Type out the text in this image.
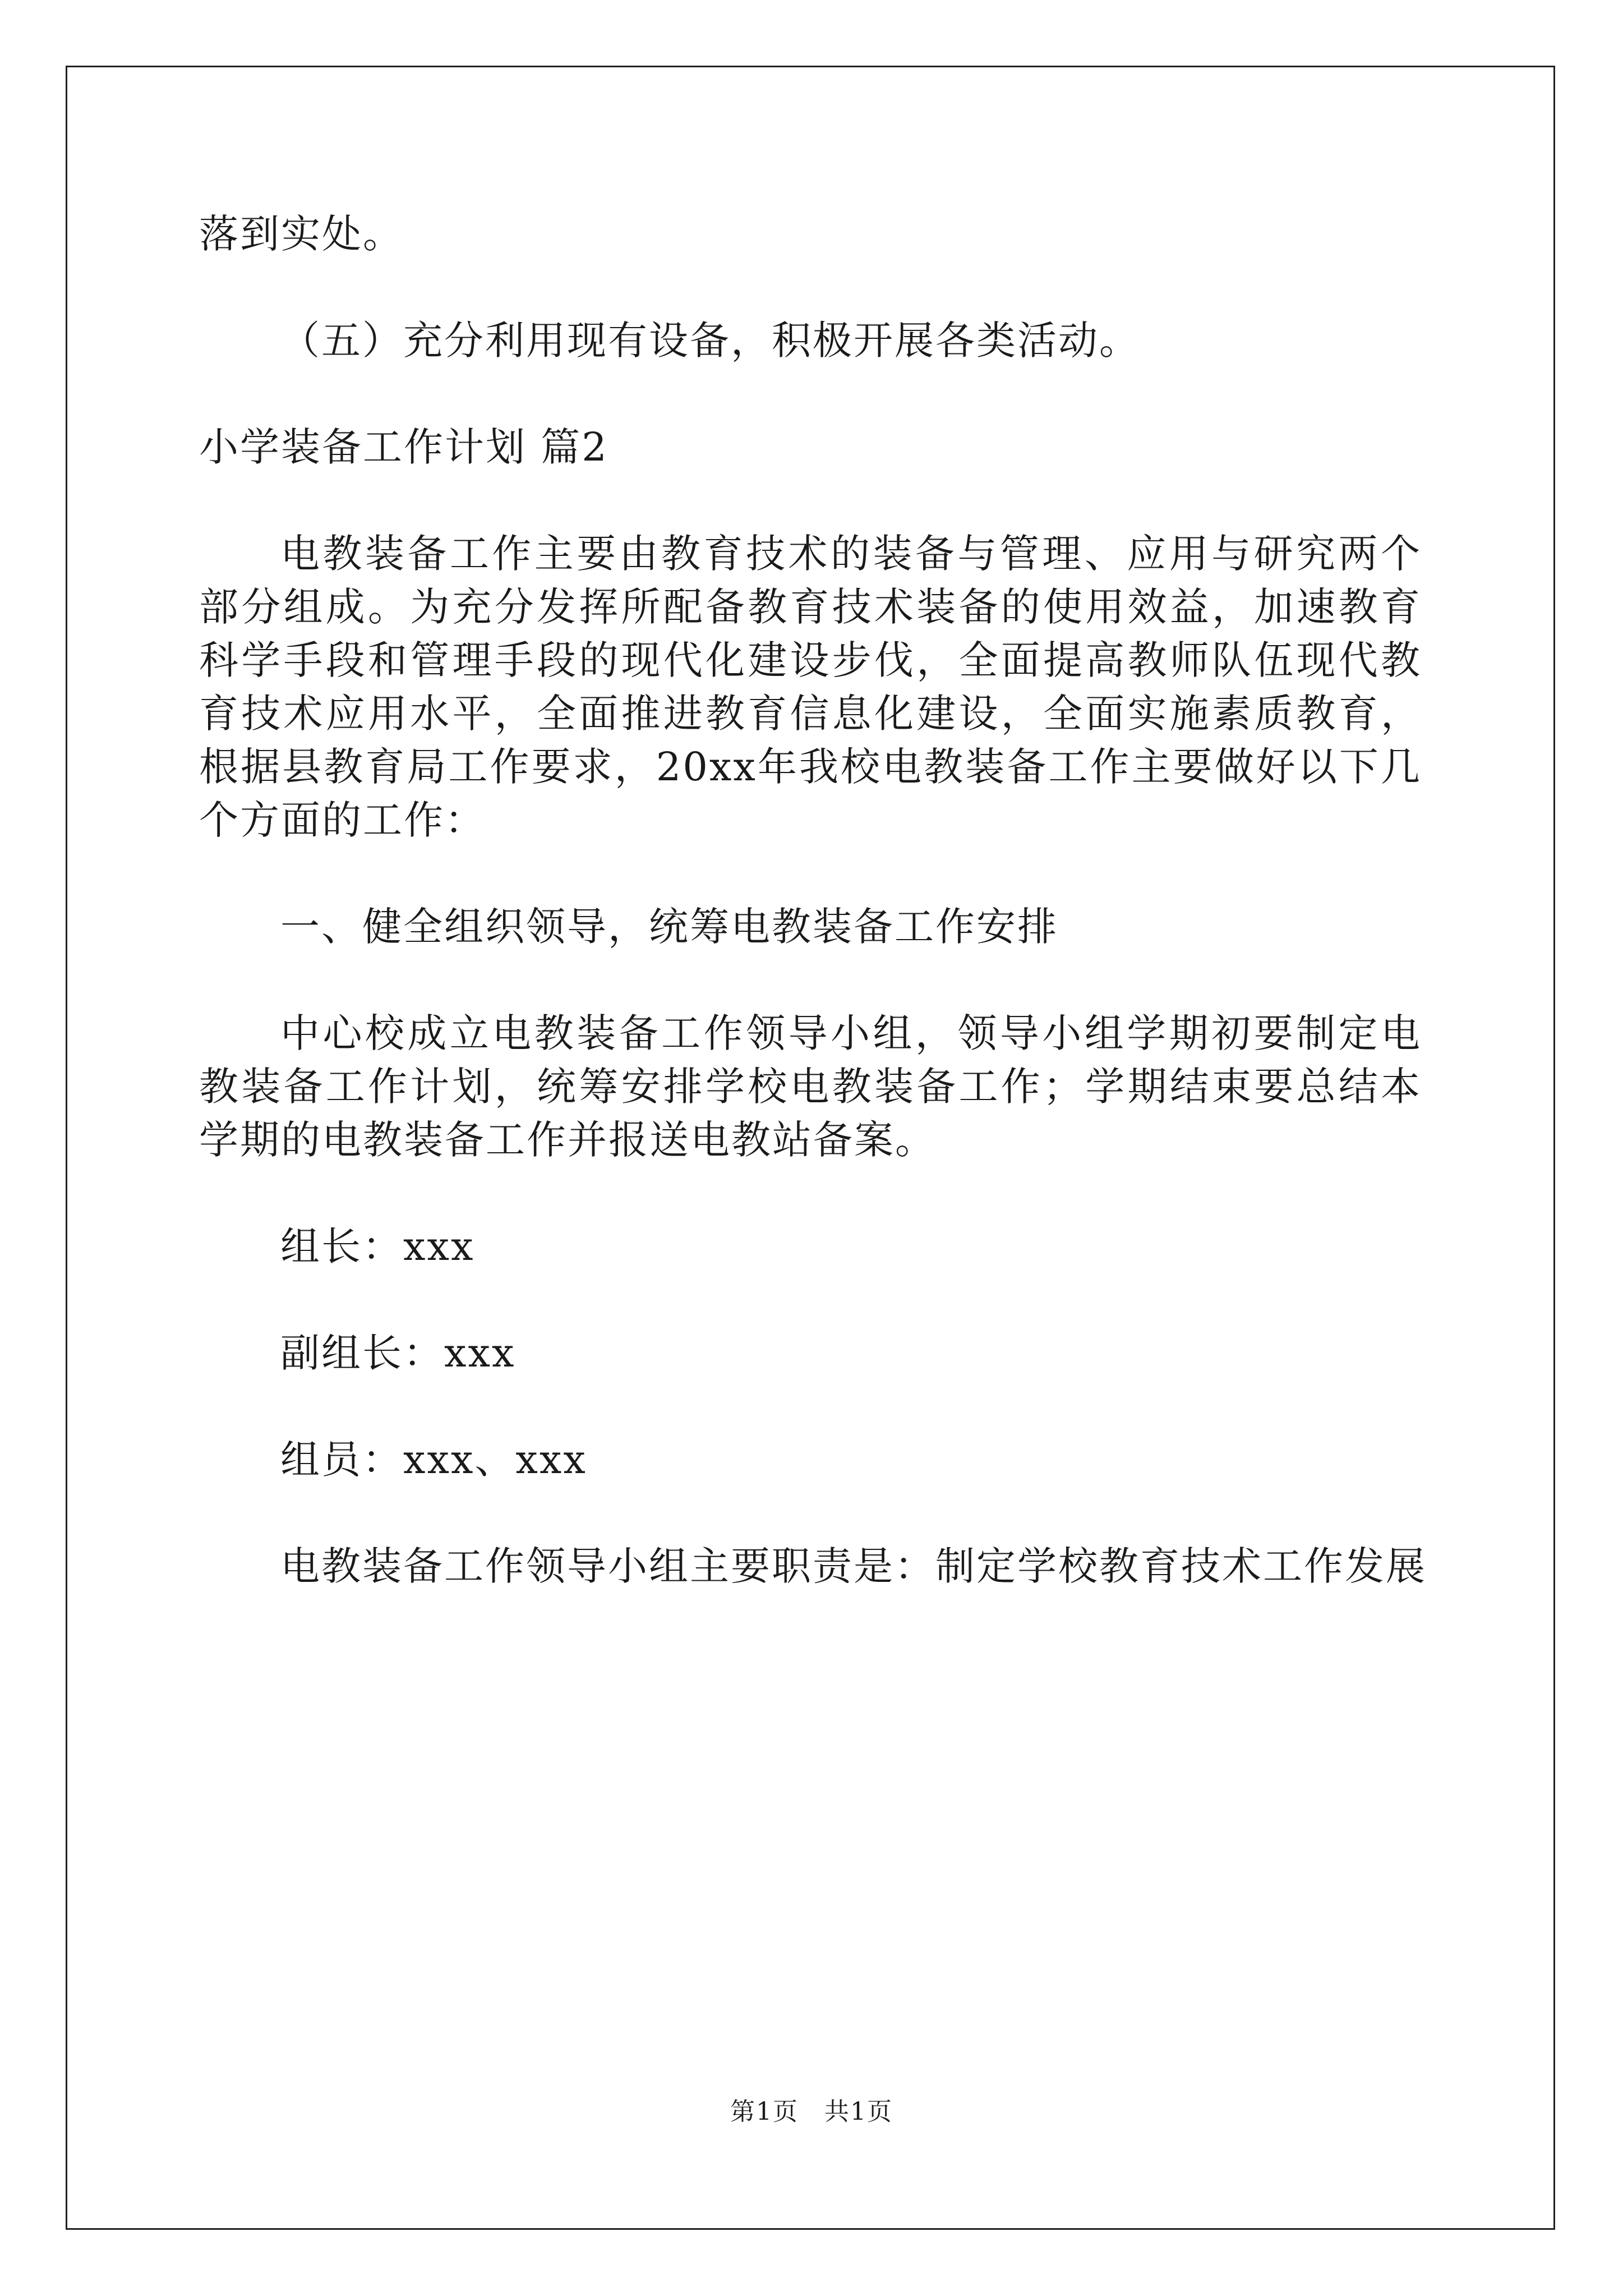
落到实处。

（五）充分利用现有设备，积极开展各类活动。

小学装备工作计划 篇2

电教装备工作主要由教育技术的装备与管理、应用与研究两个部分组成。为充分发挥所配备教育技术装备的使用效益，加速教育科学手段和管理手段的现代化建设步伐，全面提高教师队伍现代教育技术应用水平，全面推进教育信息化建设，全面实施素质教育，根据县教育局工作要求，20xx年我校电教装备工作主要做好以下几个方面的工作：

一、健全组织领导，统筹电教装备工作安排

中心校成立电教装备工作领导小组，领导小组学期初要制定电教装备工作计划，统筹安排学校电教装备工作；学期结束要总结本学期的电教装备工作并报送电教站备案。

组长：xxx

副组长：xxx

组员：xxx、xxx

电教装备工作领导小组主要职责是：制定学校教育技术工作发展

第1页　共1页
